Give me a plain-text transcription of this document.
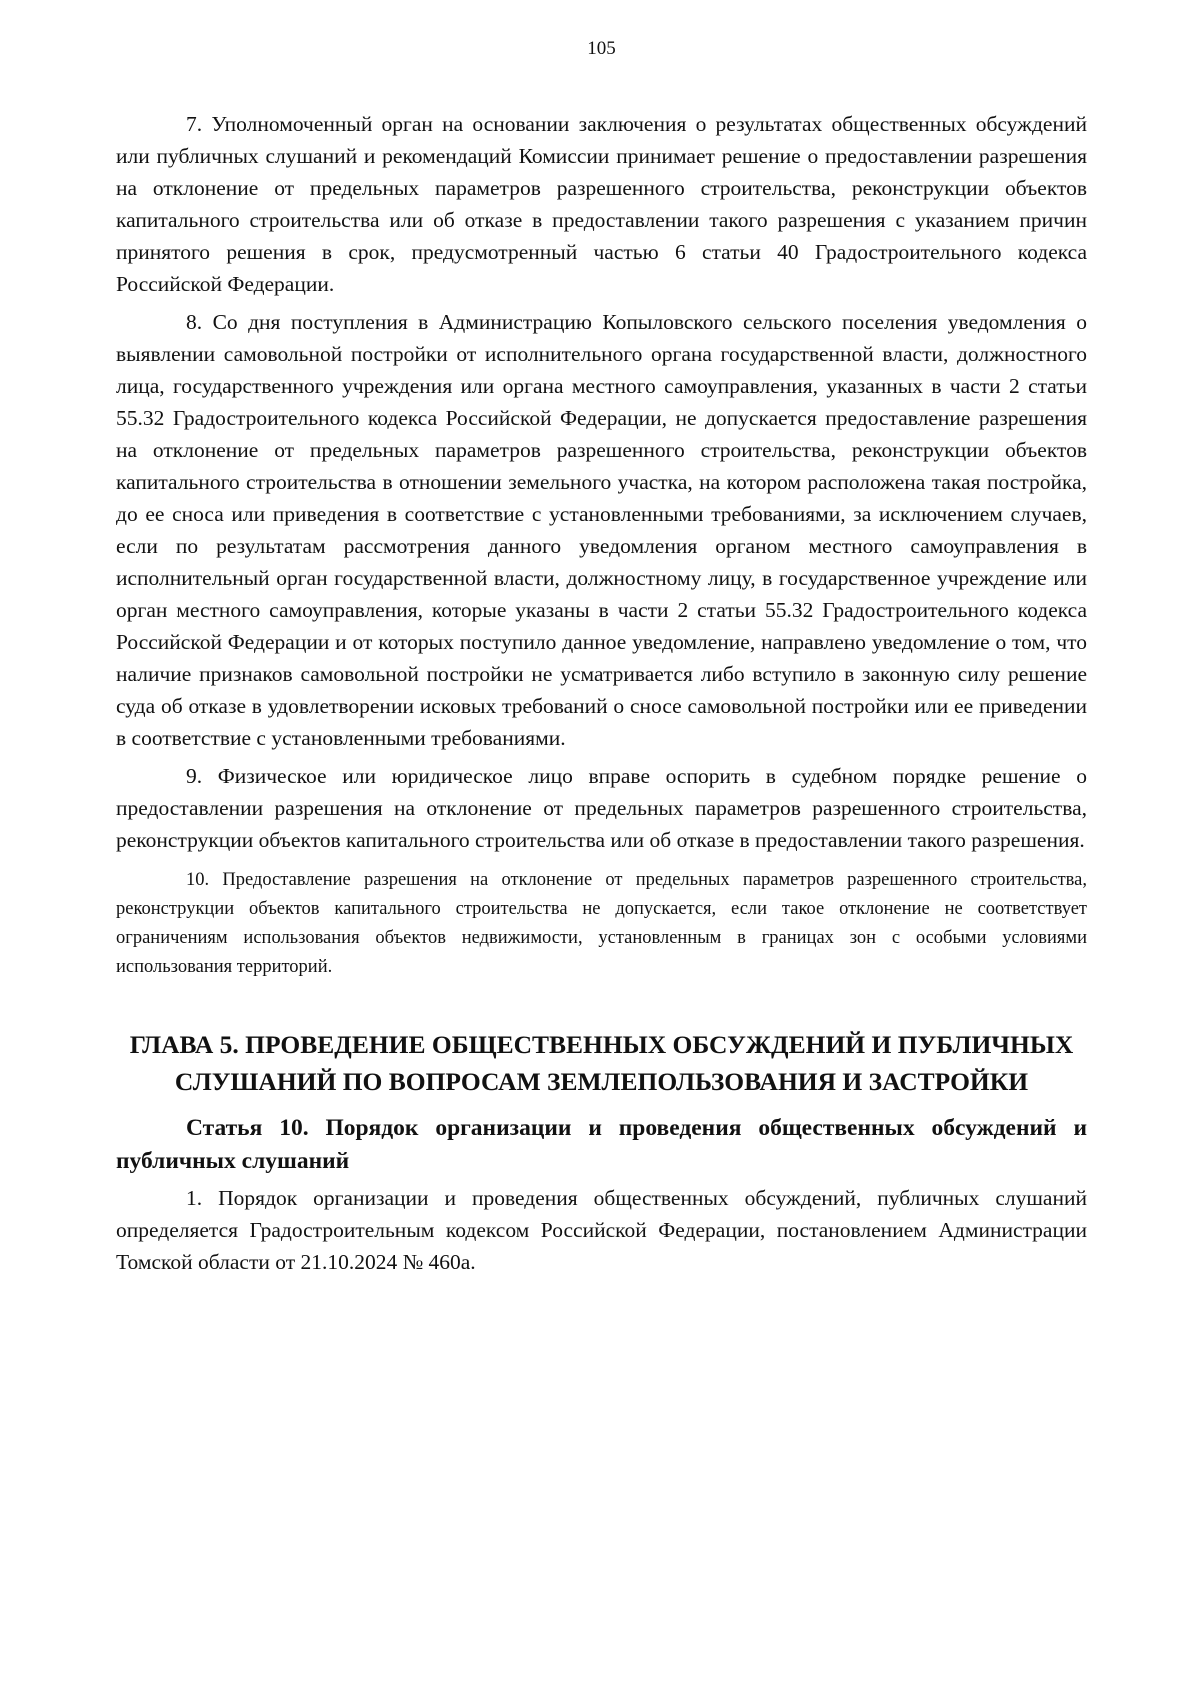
105

7. Уполномоченный орган на основании заключения о результатах общественных обсуждений или публичных слушаний и рекомендаций Комиссии принимает решение о предоставлении разрешения на отклонение от предельных параметров разрешенного строительства, реконструкции объектов капитального строительства или об отказе в предоставлении такого разрешения с указанием причин принятого решения в срок, предусмотренный частью 6 статьи 40 Градостроительного кодекса Российской Федерации.

8. Со дня поступления в Администрацию Копыловского сельского поселения уведомления о выявлении самовольной постройки от исполнительного органа государственной власти, должностного лица, государственного учреждения или органа местного самоуправления, указанных в части 2 статьи 55.32 Градостроительного кодекса Российской Федерации, не допускается предоставление разрешения на отклонение от предельных параметров разрешенного строительства, реконструкции объектов капитального строительства в отношении земельного участка, на котором расположена такая постройка, до ее сноса или приведения в соответствие с установленными требованиями, за исключением случаев, если по результатам рассмотрения данного уведомления органом местного самоуправления в исполнительный орган государственной власти, должностному лицу, в государственное учреждение или орган местного самоуправления, которые указаны в части 2 статьи 55.32 Градостроительного кодекса Российской Федерации и от которых поступило данное уведомление, направлено уведомление о том, что наличие признаков самовольной постройки не усматривается либо вступило в законную силу решение суда об отказе в удовлетворении исковых требований о сносе самовольной постройки или ее приведении в соответствие с установленными требованиями.

9. Физическое или юридическое лицо вправе оспорить в судебном порядке решение о предоставлении разрешения на отклонение от предельных параметров разрешенного строительства, реконструкции объектов капитального строительства или об отказе в предоставлении такого разрешения.

10. Предоставление разрешения на отклонение от предельных параметров разрешенного строительства, реконструкции объектов капитального строительства не допускается, если такое отклонение не соответствует ограничениям использования объектов недвижимости, установленным в границах зон с особыми условиями использования территорий.

ГЛАВА 5. ПРОВЕДЕНИЕ ОБЩЕСТВЕННЫХ ОБСУЖДЕНИЙ И ПУБЛИЧНЫХ СЛУШАНИЙ ПО ВОПРОСАМ ЗЕМЛЕПОЛЬЗОВАНИЯ И ЗАСТРОЙКИ
Статья 10. Порядок организации и проведения общественных обсуждений и публичных слушаний

1. Порядок организации и проведения общественных обсуждений, публичных слушаний определяется Градостроительным кодексом Российской Федерации, постановлением Администрации Томской области от 21.10.2024 № 460а.
